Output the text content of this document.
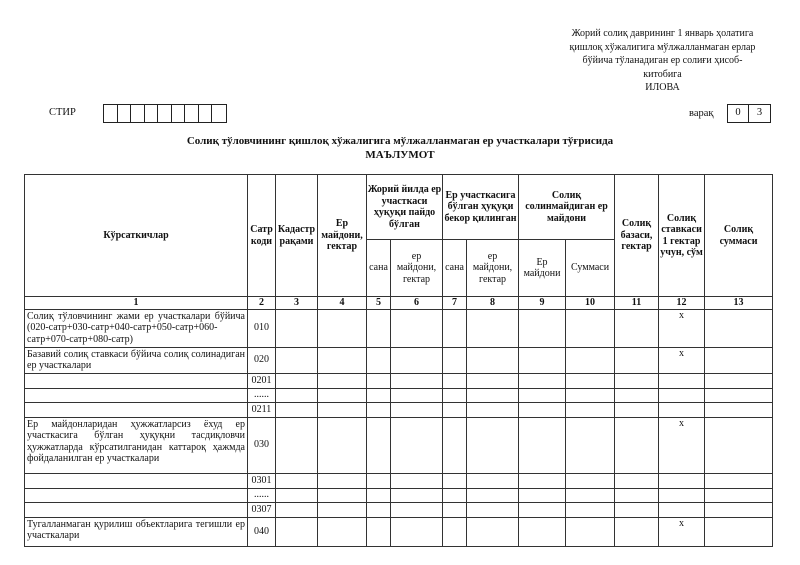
Жорий солиқ даврининг 1 январь ҳолатига
қишлоқ хўжалигига мўлжалланмаган ерлар
бўйича тўланадиган ер солиғи ҳисоб-
китобига
ИЛОВА
СТИР	варақ	0	3
Солиқ тўловчининг қишлоқ хўжалигига мўлжалланмаган ер участкалари тўғрисида
МАЪЛУМОТ
Кўрсаткичлар	Сатр коди	Кадастр рақами	Ер майдони, гектар	Жорий йилда ер участкаси ҳуқуқи пайдо бўлган		Ер участкасига бўлган ҳуқуқи бекор қилинган		Солиқ солинмайдиган ер майдони		Солиқ базаси, гектар	Солиқ ставкаси 1 гектар учун, сўм	Солиқ суммаси
				сана	ер майдони, гектар	сана	ер майдони, гектар	Ер майдони	Суммаси			
1	2	3	4	5	6	7	8	9	10	11	12	13
Солиқ тўловчининг жами ер участкалари бўйича (020-сатр+030-сатр+040-сатр+050-сатр+060-сатр+070-сатр+080-сатр)	010										x	
Базавий солиқ ставкаси бўйича солиқ солинадиган ер участкалари	020										x	
	0201											
	......											
	0211											
Ер майдонларидан ҳужжатларсиз ёхуд ер участкасига бўлган ҳуқуқни тасдиқловчи ҳужжатларда кўрсатилганидан каттароқ ҳажмда фойдаланилган ер участкалари	030										x	
	0301											
	......											
	0307											
Тугалланмаган қурилиш объектларига тегишли ер участкалари	040										x	
